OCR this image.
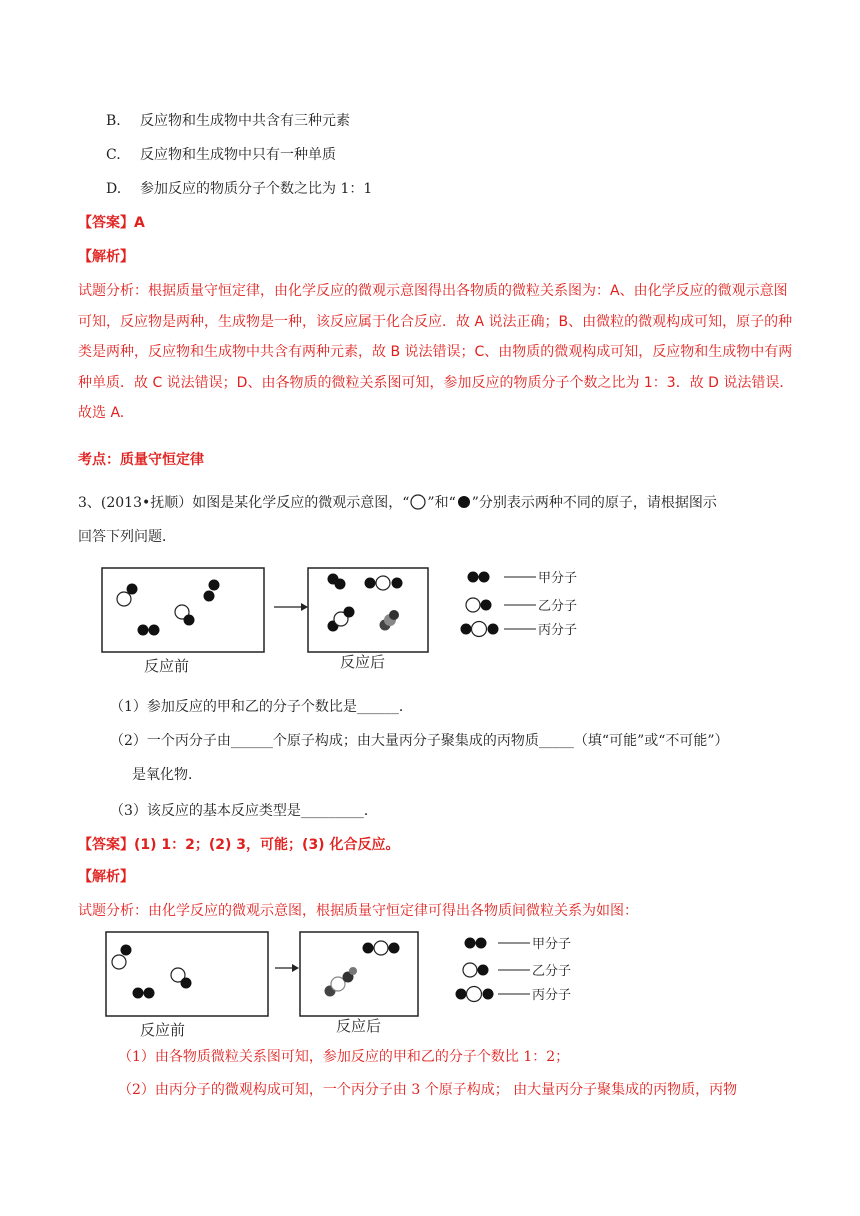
B. 反应物和生成物中共含有三种元素
C. 反应物和生成物中只有一种单质
D. 参加反应的物质分子个数之比为 1：1
【答案】A
【解析】
试题分析：根据质量守恒定律，由化学反应的微观示意图得出各物质的微粒关系图为：A、由化学反应的微观示意图可知，反应物是两种，生成物是一种，该反应属于化合反应．故 A 说法正确；B、由微粒的微观构成可知，原子的种类是两种，反应物和生成物中共含有两种元素，故 B 说法错误；C、由物质的微观构成可知，反应物和生成物中有两种单质．故 C 说法错误；D、由各物质的微粒关系图可知，参加反应的物质分子个数之比为 1：3．故 D 说法错误．故选 A.
考点：质量守恒定律
3、(2013•抚顺）如图是某化学反应的微观示意图，“ ”和“ ”分别表示两种不同的原子，请根据图示
回答下列问题．
反应前	反应后
甲分子
乙分子
丙分子
（1）参加反应的甲和乙的分子个数比是______．
（2）一个丙分子由______个原子构成；由大量丙分子聚集成的丙物质_____（填“可能”或“不可能”）
是氧化物．
（3）该反应的基本反应类型是_________．
【答案】(1) 1：2；(2) 3，可能；(3) 化合反应。
【解析】
试题分析：由化学反应的微观示意图，根据质量守恒定律可得出各物质间微粒关系为如图：
反应前	反应后
甲分子
乙分子
丙分子
（1）由各物质微粒关系图可知，参加反应的甲和乙的分子个数比 1：2；
（2）由丙分子的微观构成可知，一个丙分子由 3 个原子构成； 由大量丙分子聚集成的丙物质，丙物
